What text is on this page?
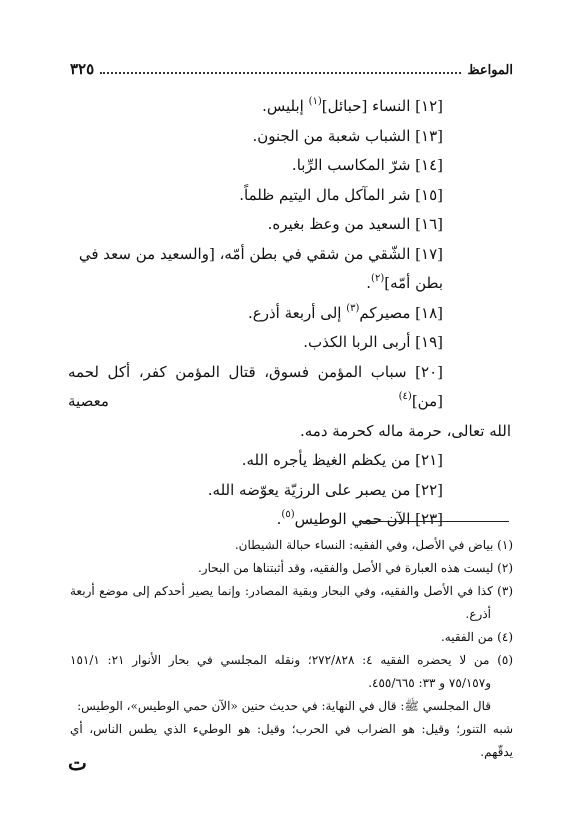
المواعظ
٣٢٥

[١٢] النساء [حبائل]$^{(١)}$ إبليس.

[١٣] الشباب شعبة من الجنون.

[١٤] شرّ المكاسب الرِّبا.

[١٥] شر المآكل مال اليتيم ظلماً.

[١٦] السعيد من وعظ بغيره.

[١٧] الشّقي من شقي في بطن أمّه، [والسعيد من سعد في بطن أمّه]$^{(٢)}$.

[١٨] مصيركم$^{(٣)}$ إلى أربعة أذرع.

[١٩] أربى الربا الكذب.

[٢٠] سباب المؤمن فسوق، قتال المؤمن كفر، أكل لحمه [من]$^{(٤)}$ معصية

الله تعالى، حرمة ماله كحرمة دمه.

[٢١] من يكظم الغيظ يأجره الله.

[٢٢] من يصبر على الرزيّة يعوّضه الله.

[٢٣] الآن حمي الوطيس$^{(٥)}$.

(١) بياض في الأصل، وفي الفقيه: النساء حبالة الشيطان.

(٢) ليست هذه العبارة في الأصل والفقيه، وقد أثبتناها من البحار.

(٣) كذا في الأصل والفقيه، وفي البحار وبقية المصادر: وإنما يصير أحدكم إلى موضع أربعة

أذرع.

(٤) من الفقيه.

(٥) من لا يحضره الفقيه ٤: ٢٧٢/٨٢٨؛ ونقله المجلسي في بحار الأنوار ٢١: ١٥١/١

و٧٥/١٥٧ و ٣٣: ٤٥٥/٦٦٥.

قال المجلسي ﷺ: قال في النهاية: في حديث حنين «الآن حمي الوطيس»، الوطيس:

شبه التنور؛ وقيل: هو الضراب في الحرب؛ وقيل: هو الوطيء الذي يطس الناس، أي يدقّهم.

ت
